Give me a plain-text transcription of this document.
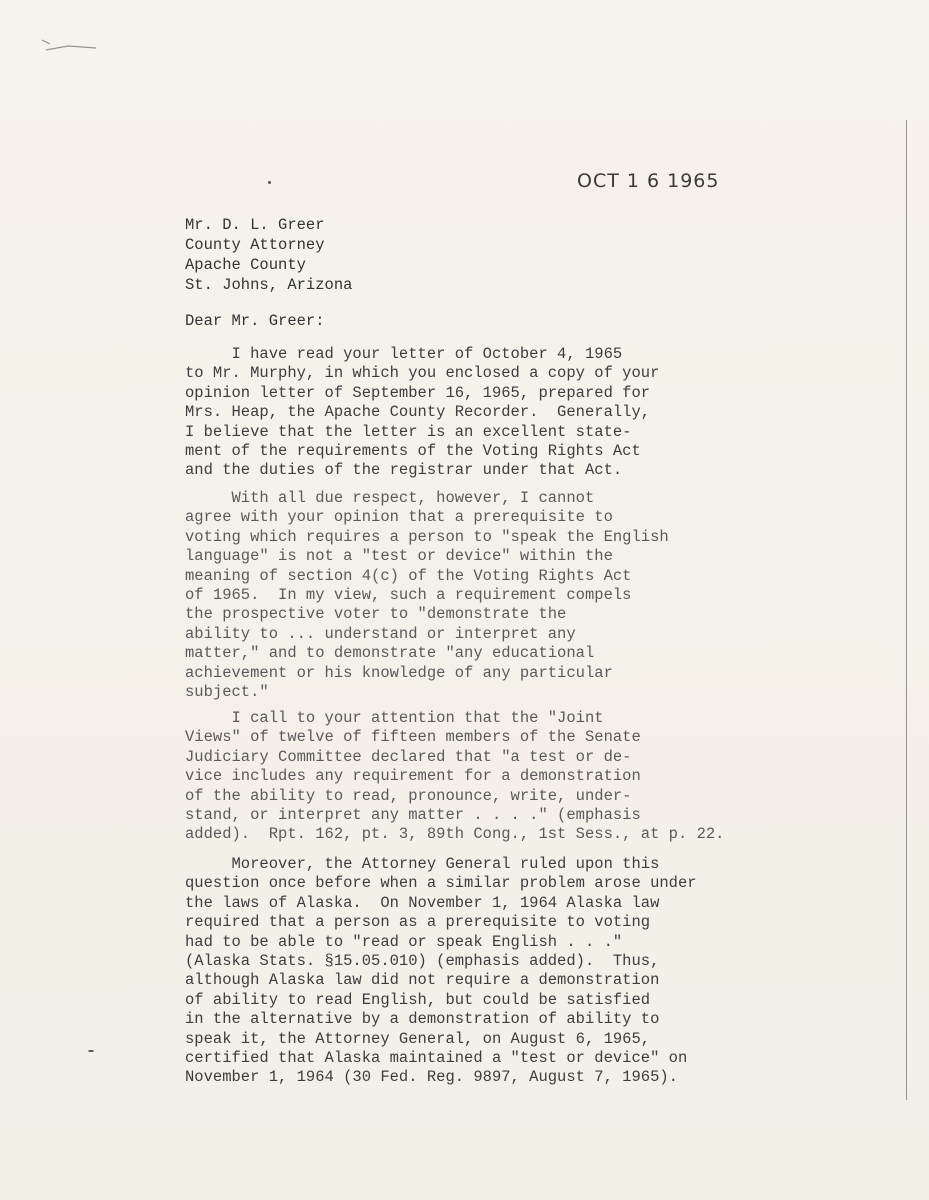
OCT 1 6 1965
Mr. D. L. Greer
County Attorney
Apache County
St. Johns, Arizona
Dear Mr. Greer:
I have read your letter of October 4, 1965
to Mr. Murphy, in which you enclosed a copy of your
opinion letter of September 16, 1965, prepared for
Mrs. Heap, the Apache County Recorder.  Generally,
I believe that the letter is an excellent state-
ment of the requirements of the Voting Rights Act
and the duties of the registrar under that Act.
With all due respect, however, I cannot
agree with your opinion that a prerequisite to
voting which requires a person to "speak the English
language" is not a "test or device" within the
meaning of section 4(c) of the Voting Rights Act
of 1965.  In my view, such a requirement compels
the prospective voter to "demonstrate the
ability to ... understand or interpret any
matter," and to demonstrate "any educational
achievement or his knowledge of any particular
subject."
I call to your attention that the "Joint
Views" of twelve of fifteen members of the Senate
Judiciary Committee declared that "a test or de-
vice includes any requirement for a demonstration
of the ability to read, pronounce, write, under-
stand, or interpret any matter . . . ." (emphasis
added).  Rpt. 162, pt. 3, 89th Cong., 1st Sess., at p. 22.
Moreover, the Attorney General ruled upon this
question once before when a similar problem arose under
the laws of Alaska.  On November 1, 1964 Alaska law
required that a person as a prerequisite to voting
had to be able to "read or speak English . . ."
(Alaska Stats. §15.05.010) (emphasis added).  Thus,
although Alaska law did not require a demonstration
of ability to read English, but could be satisfied
in the alternative by a demonstration of ability to
speak it, the Attorney General, on August 6, 1965,
certified that Alaska maintained a "test or device" on
November 1, 1964 (30 Fed. Reg. 9897, August 7, 1965).
